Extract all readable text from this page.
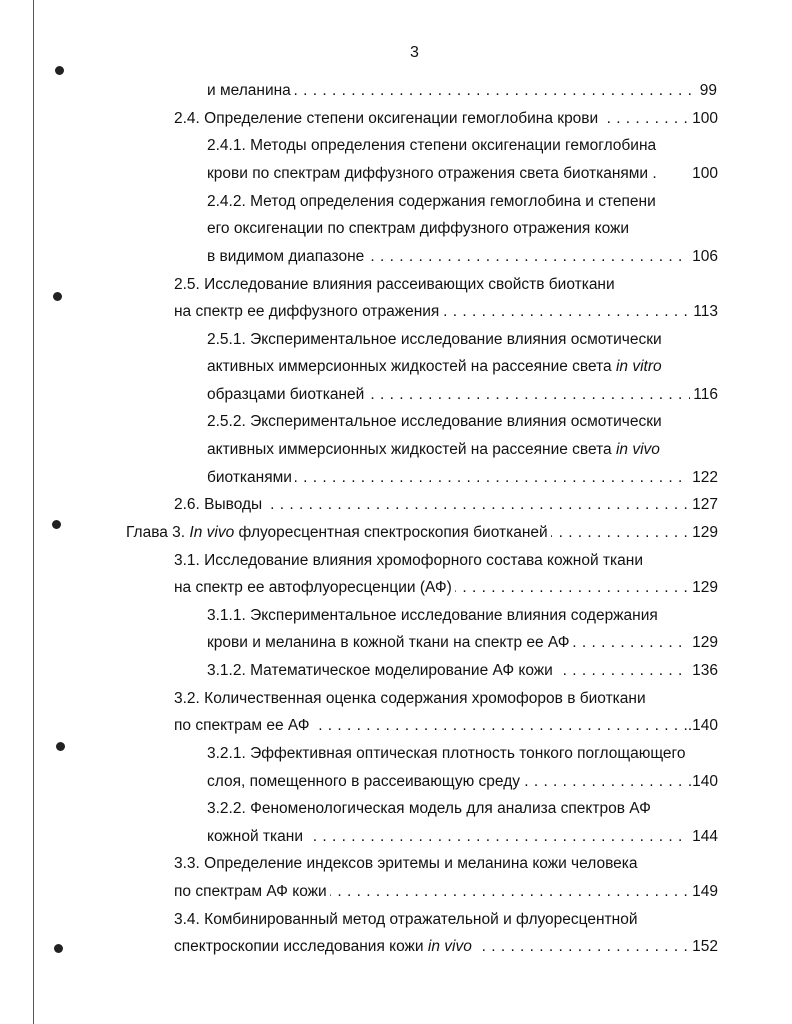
3
. . .
и меланина	99
. . .
2.4. Определение степени оксигенации гемоглобина крови	100
2.4.1. Методы определения степени оксигенации гемоглобина
крови по спектрам диффузного отражения света биотканями . 100
2.4.2. Метод определения содержания гемоглобина и степени
его оксигенации по спектрам диффузного отражения кожи
. . .
в видимом диапазоне	106
2.5. Исследование влияния рассеивающих свойств биоткани
. . .
на спектр ее диффузного отражения	113
2.5.1. Экспериментальное исследование влияния осмотически
активных иммерсионных жидкостей на рассеяние света in vitro
. . .
образцами биотканей	116
2.5.2. Экспериментальное исследование влияния осмотически
активных иммерсионных жидкостей на рассеяние света in vivo
. . .
биотканями	122
. . .
2.6. Выводы	127
. . .
Глава 3. In vivo флуоресцентная спектроскопия биотканей	129
3.1. Исследование влияния хромофорного состава кожной ткани
. . .
на спектр ее автофлуоресценции (АФ)	129
3.1.1. Экспериментальное исследование влияния содержания
. . .
крови и меланина в кожной ткани на спектр ее АФ	129
. . .
3.1.2. Математическое моделирование АФ кожи	136
3.2. Количественная оценка содержания хромофоров в биоткани
. . .
по спектрам ее АФ	..140
3.2.1. Эффективная оптическая плотность тонкого поглощающего
. . .
слоя, помещенного в рассеивающую среду	.140
3.2.2. Феноменологическая модель для анализа спектров АФ
. . .
кожной ткани	144
3.3. Определение индексов эритемы и меланина кожи человека
. . .
по спектрам АФ кожи	149
3.4. Комбинированный метод отражательной и флуоресцентной
. . .
спектроскопии исследования кожи in vivo	152
